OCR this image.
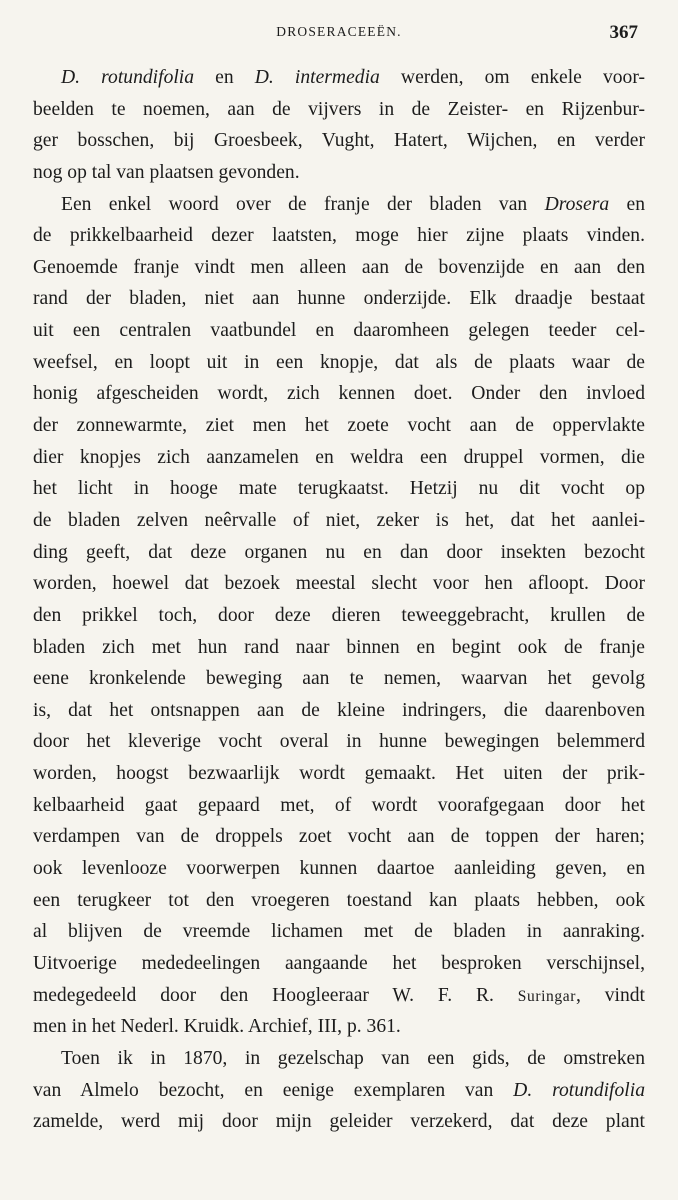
DROSERACEEËN.	367
D. rotundifolia en D. intermedia werden, om enkele voor-
beelden te noemen, aan de vijvers in de Zeister- en Rijzenbur-
ger bosschen, bij Groesbeek, Vught, Hatert, Wijchen, en verder
nog op tal van plaatsen gevonden.
Een enkel woord over de franje der bladen van Drosera en
de prikkelbaarheid dezer laatsten, moge hier zijne plaats vinden.
Genoemde franje vindt men alleen aan de bovenzijde en aan den
rand der bladen, niet aan hunne onderzijde. Elk draadje bestaat
uit een centralen vaatbundel en daaromheen gelegen teeder cel-
weefsel, en loopt uit in een knopje, dat als de plaats waar de
honig afgescheiden wordt, zich kennen doet. Onder den invloed
der zonnewarmte, ziet men het zoete vocht aan de oppervlakte
dier knopjes zich aanzamelen en weldra een druppel vormen, die
het licht in hooge mate terugkaatst. Hetzij nu dit vocht op
de bladen zelven neêrvalle of niet, zeker is het, dat het aanlei-
ding geeft, dat deze organen nu en dan door insekten bezocht
worden, hoewel dat bezoek meestal slecht voor hen afloopt. Door
den prikkel toch, door deze dieren teweeggebracht, krullen de
bladen zich met hun rand naar binnen en begint ook de franje
eene kronkelende beweging aan te nemen, waarvan het gevolg
is, dat het ontsnappen aan de kleine indringers, die daarenboven
door het kleverige vocht overal in hunne bewegingen belemmerd
worden, hoogst bezwaarlijk wordt gemaakt. Het uiten der prik-
kelbaarheid gaat gepaard met, of wordt voorafgegaan door het
verdampen van de droppels zoet vocht aan de toppen der haren;
ook levenlooze voorwerpen kunnen daartoe aanleiding geven, en
een terugkeer tot den vroegeren toestand kan plaats hebben, ook
al blijven de vreemde lichamen met de bladen in aanraking.
Uitvoerige mededeelingen aangaande het besproken verschijnsel,
medegedeeld door den Hoogleeraar W. F. R. Suringar, vindt
men in het Nederl. Kruidk. Archief, III, p. 361.
Toen ik in 1870, in gezelschap van een gids, de omstreken
van Almelo bezocht, en eenige exemplaren van D. rotundifolia
zamelde, werd mij door mijn geleider verzekerd, dat deze plant
